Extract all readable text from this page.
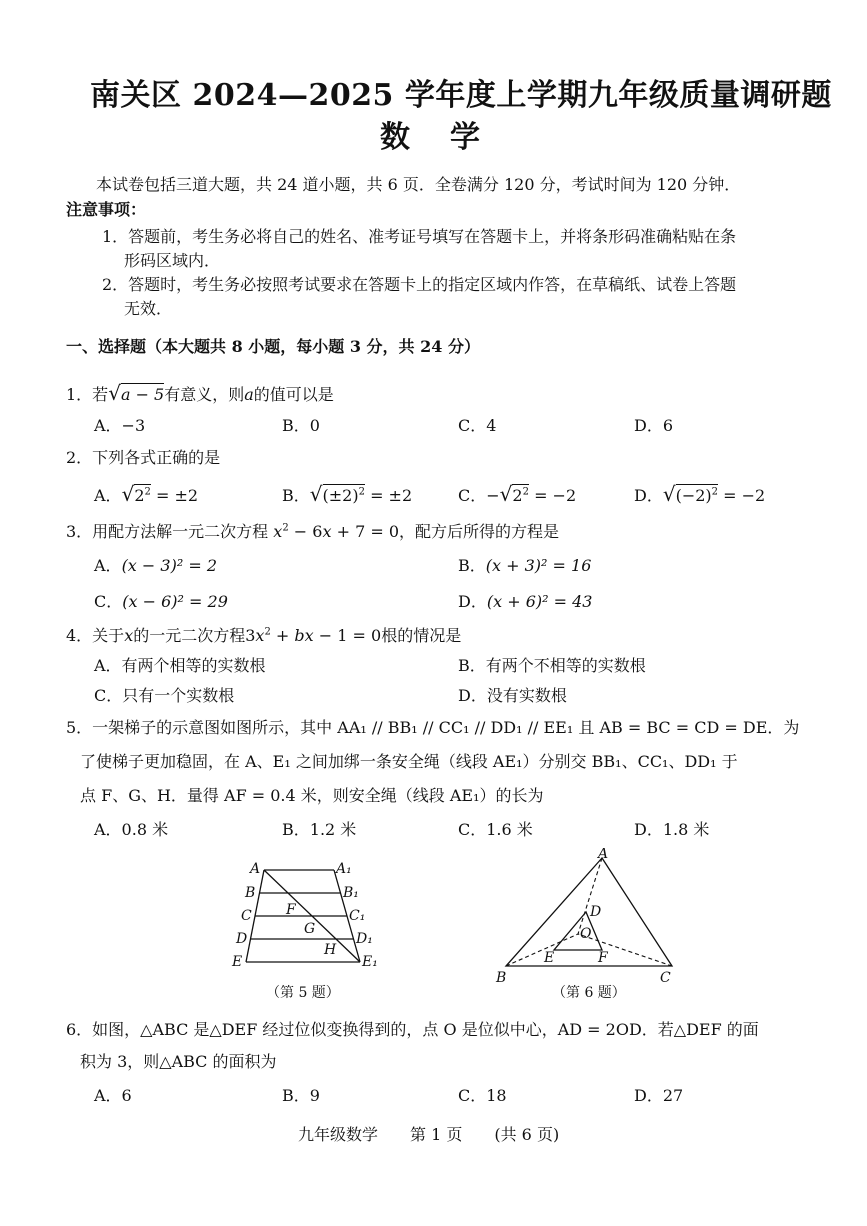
南关区 2024—2025 学年度上学期九年级质量调研题
数学
本试卷包括三道大题，共 24 道小题，共 6 页．全卷满分 120 分，考试时间为 120 分钟．
注意事项：
1．答题前，考生务必将自己的姓名、准考证号填写在答题卡上，并将条形码准确粘贴在条
形码区域内．
2．答题时，考生务必按照考试要求在答题卡上的指定区域内作答，在草稿纸、试卷上答题
无效．
一、选择题（本大题共 8 小题，每小题 3 分，共 24 分）
1．若√a − 5有意义，则a的值可以是
A．−3	B．0	C．4	D．6
2．下列各式正确的是
A．$√2^2 = \pm 2$	B．$√(\pm 2)^2 = \pm 2$	C．$-√2^2 = -2$	D．$√(-2)^2 = -2$
3．用配方法解一元二次方程 $x^2 - 6x + 7 = 0$，配方后所得的方程是
A．(x − 3)² = 2	B．(x + 3)² = 16
C．(x − 6)² = 29	D．(x + 6)² = 43
4．关于x的一元二次方程$3x^2$ + bx − 1 = 0根的情况是
A．有两个相等的实数根	B．有两个不相等的实数根
C．只有一个实数根	D．没有实数根
5．一架梯子的示意图如图所示，其中 AA₁ // BB₁ // CC₁ // DD₁ // EE₁ 且 AB = BC = CD = DE．为
了使梯子更加稳固，在 A、E₁ 之间加绑一条安全绳（线段 AE₁）分别交 BB₁、CC₁、DD₁ 于
点 F、G、H．量得 AF = 0.4 米，则安全绳（线段 AE₁）的长为
A．0.8 米	B．1.2 米	C．1.6 米	D．1.8 米
A	A₁
B	B₁
C	C₁
D	D₁
E	E₁
F
G
H
（第 5 题）
A
B	C
D
E	F
O
（第 6 题）
6．如图，△ABC 是△DEF 经过位似变换得到的，点 O 是位似中心，AD = 2OD．若△DEF 的面
积为 3，则△ABC 的面积为
A．6	B．9	C．18	D．27
九年级数学　　第 1 页　　(共 6 页)
